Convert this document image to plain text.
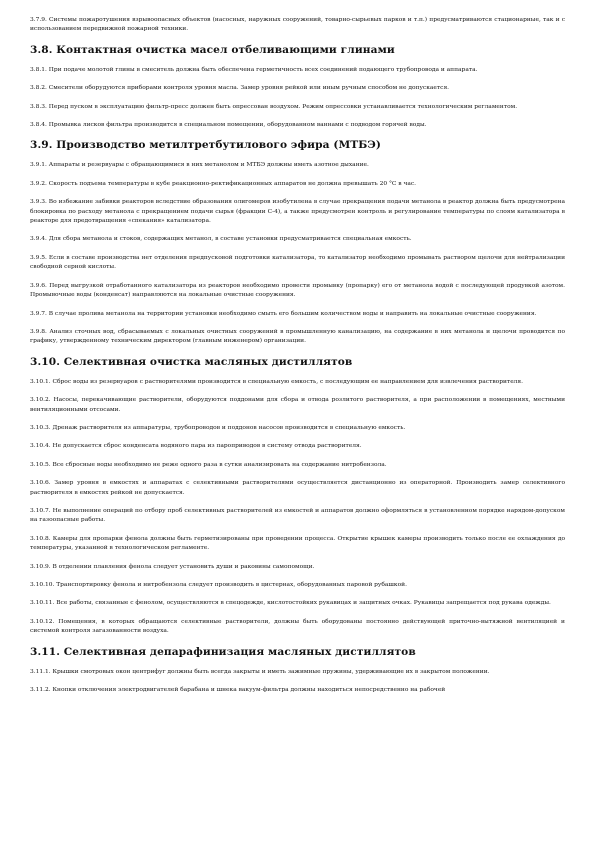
3.7.9. Системы пожаротушения взрывоопасных объектов (насосных, наружных сооружений, товарно-сырьевых парков и т.п.) предусматриваются стационарные, так и с использованием передвижной пожарной техники.

3.8. Контактная очистка масел отбеливающими глинами

3.8.1. При подаче молотой глины в смеситель должна быть обеспечена герметичность всех соединений подающего трубопровода и аппарата.

3.8.2. Смесители оборудуются приборами контроля уровня масла. Замер уровня рейкой или иным ручным способом не допускается.

3.8.3. Перед пуском в эксплуатацию фильтр-пресс должен быть опрессован воздухом. Режим опрессовки устанавливается технологическим регламентом.

3.8.4. Промывка лисков фильтра производится в специальном помещении, оборудованном ваннами с подводом горячей воды.

3.9. Производство метилтретбутилового эфира (МТБЭ)

3.9.1. Аппараты и резервуары с обращающимися в них метанолом и МТБЭ должны иметь азотное дыхание.

3.9.2. Скорость подъема температуры в кубе реакционно-ректификационных аппаратов не должна превышать 20 °С в час.

3.9.3. Во избежание забивки реакторов вследствие образования олигомеров изобутилена в случае прекращения подачи метанола в реактор должна быть предусмотрена блокировка по расходу метанола с прекращением подачи сырья (фракции С-4), а также предусмотрен контроль и регулирование температуры по слоям катализатора в реакторе для предотвращения «спекания» катализатора.

3.9.4. Для сбора метанола и стоков, содержащих метанол, в составе установки предусматривается специальная емкость.

3.9.5. Если в составе производства нет отделения предпусковой подготовки катализатора, то катализатор необходимо промывать раствором щелочи для нейтрализации свободной серной кислоты.

3.9.6. Перед выгрузкой отработанного катализатора из реакторов необходимо провести промывку (пропарку) его от метанола водой с последующей продувкой азотом. Промывочные воды (конденсат) направляются на локальные очистные сооружения.

3.9.7. В случае пролива метанола на территории установки необходимо смыть его большим количеством воды и направить на локальные очистные сооружения.

3.9.8. Анализ сточных вод, сбрасываемых с локальных очистных сооружений в промышленную канализацию, на содержание в них метанола и щелочи проводится по графику, утвержденному техническим директором (главным инженером) организации.

3.10. Селективная очистка масляных дистиллятов

3.10.1. Сброс воды из резервуаров с растворителями производится в специальную емкость, с последующим ее направлением для извлечения растворителя.

3.10.2. Насосы, перекачивающие растворители, оборудуются поддонами для сбора и отвода розлитого растворителя, а при расположении в помещениях, местными вентиляционными отсосами.

3.10.3. Дренаж растворителя из аппаратуры, трубопроводов и поддонов насосов производится в специальную емкость.

3.10.4. Не допускается сброс конденсата водяного пара из пароприводов в систему отвода растворителя.

3.10.5. Все сбросные воды необходимо не реже одного раза в сутки анализировать на содержание нитробензола.

3.10.6. Замер уровня в емкостях и аппаратах с селективными растворителями осуществляется дистанционно из операторной. Производить замер селективного растворителя в емкостях рейкой не допускается.

3.10.7. Не выполнение операций по отбору проб селективных растворителей из емкостей и аппаратов должно оформляться в установленном порядке нарядом-допуском на газоопасные работы.

3.10.8. Камеры для пропарки фенола должны быть герметизированы при проведении процесса. Открытие крышек камеры производить только после ее охлаждения до температуры, указанной в технологическом регламенте.

3.10.9. В отделении плавления фенола следует установить души и раковины самопомощи.

3.10.10. Транспортировку фенола и нитробензола следует производить в цистернах, оборудованных паровой рубашкой.

3.10.11. Все работы, связанные с фенолом, осуществляются в спецодежде, кислотостойких рукавицах и защитных очках. Рукавицы запрещается под рукава одежды.

3.10.12. Помещения, в которых обращаются селективные растворители, должны быть оборудованы постоянно действующей приточно-вытяжной вентиляцией и системой контроля загазованности воздуха.

3.11. Селективная депарафинизация масляных дистиллятов

3.11.1. Крышки смотровых окон центрифуг должны быть всегда закрыты и иметь зажимные пружины, удерживающие их в закрытом положении.

3.11.2. Кнопки отключения электродвигателей барабана и шнека вакуум-фильтра должны находиться непосредственно на рабочей
